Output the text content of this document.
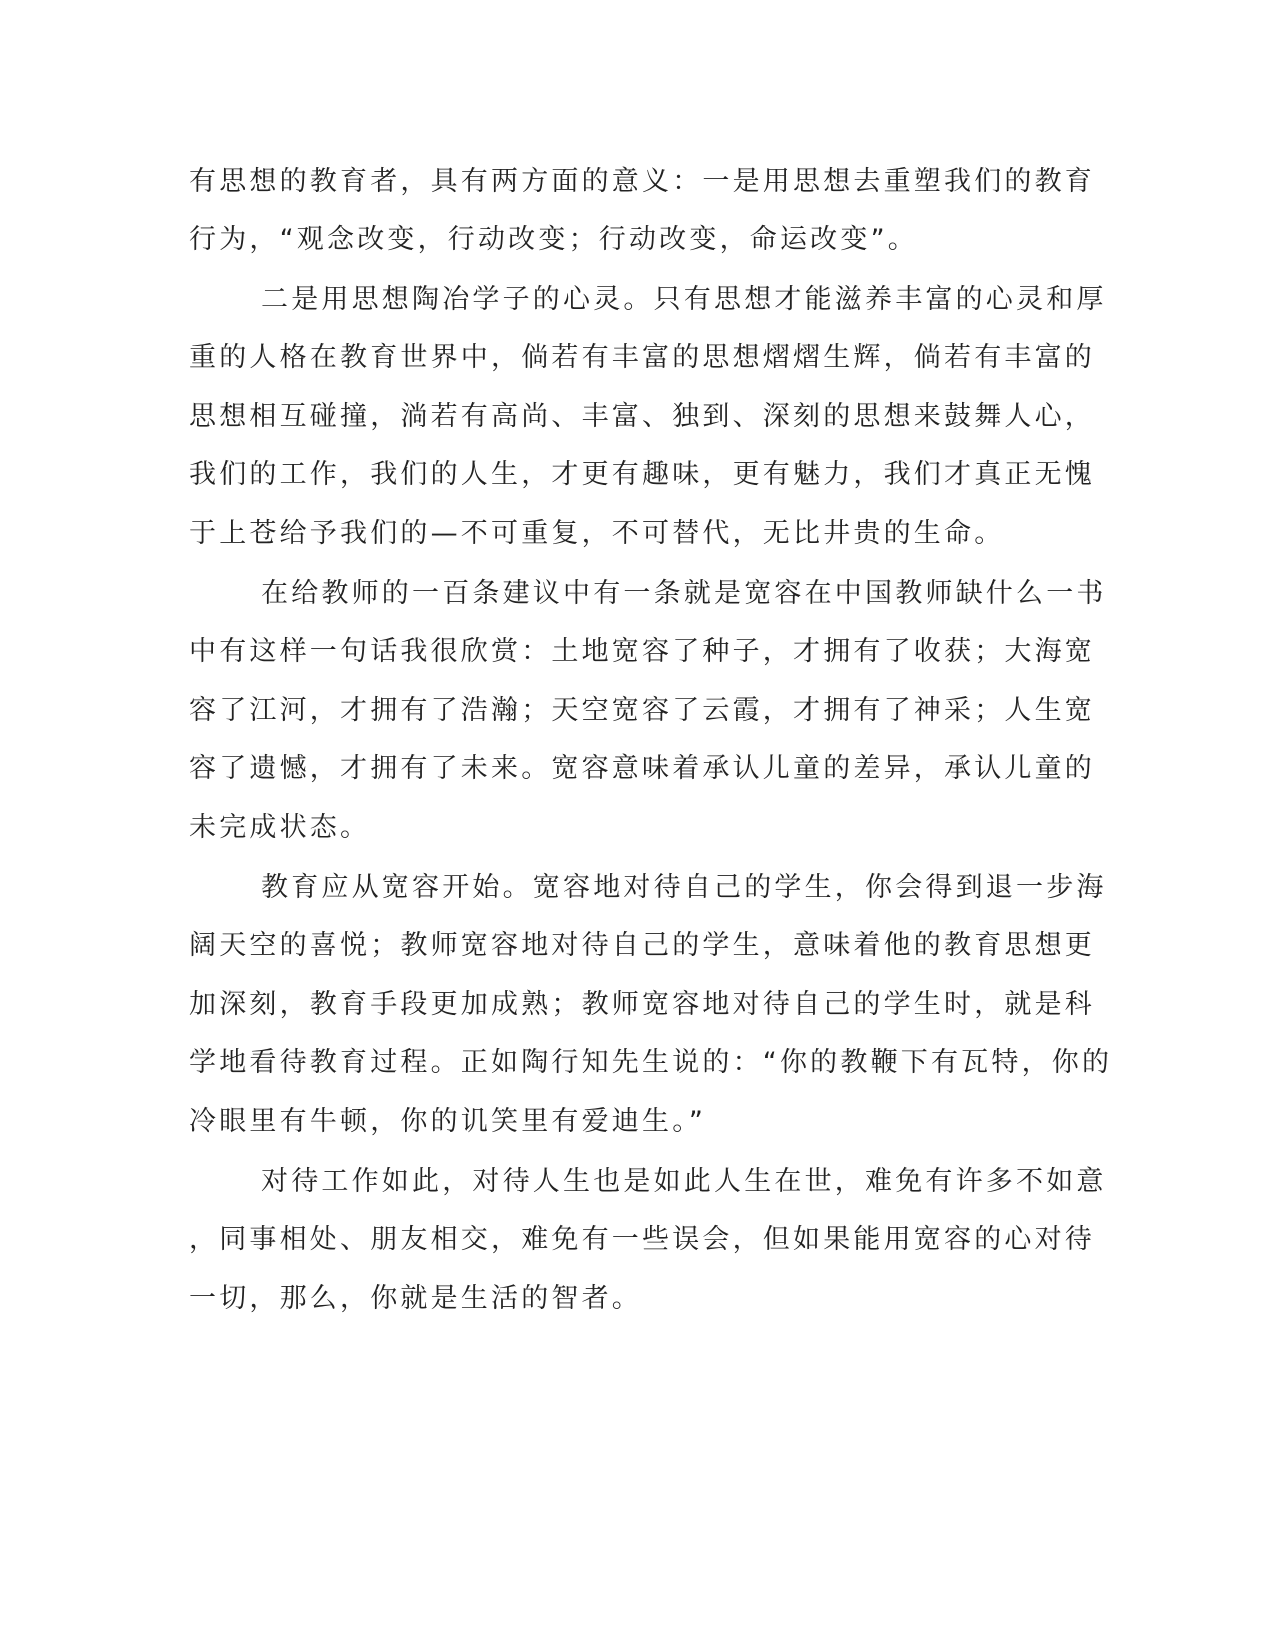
有思想的教育者，具有两方面的意义：一是用思想去重塑我们的教育
行为，“观念改变，行动改变；行动改变，命运改变”。
二是用思想陶冶学子的心灵。只有思想才能滋养丰富的心灵和厚
重的人格在教育世界中，倘若有丰富的思想熠熠生辉，倘若有丰富的
思想相互碰撞，淌若有高尚、丰富、独到、深刻的思想来鼓舞人心，
我们的工作，我们的人生，才更有趣味，更有魅力，我们才真正无愧
于上苍给予我们的—不可重复，不可替代，无比井贵的生命。
在给教师的一百条建议中有一条就是宽容在中国教师缺什么一书
中有这样一句话我很欣赏：土地宽容了种子，才拥有了收获；大海宽
容了江河，才拥有了浩瀚；天空宽容了云霞，才拥有了神采；人生宽
容了遗憾，才拥有了未来。宽容意味着承认儿童的差异，承认儿童的
未完成状态。
教育应从宽容开始。宽容地对待自己的学生，你会得到退一步海
阔天空的喜悦；教师宽容地对待自己的学生，意味着他的教育思想更
加深刻，教育手段更加成熟；教师宽容地对待自己的学生时，就是科
学地看待教育过程。正如陶行知先生说的：“你的教鞭下有瓦特，你的
冷眼里有牛顿，你的讥笑里有爱迪生。”
对待工作如此，对待人生也是如此人生在世，难免有许多不如意
，同事相处、朋友相交，难免有一些误会，但如果能用宽容的心对待
一切，那么，你就是生活的智者。
